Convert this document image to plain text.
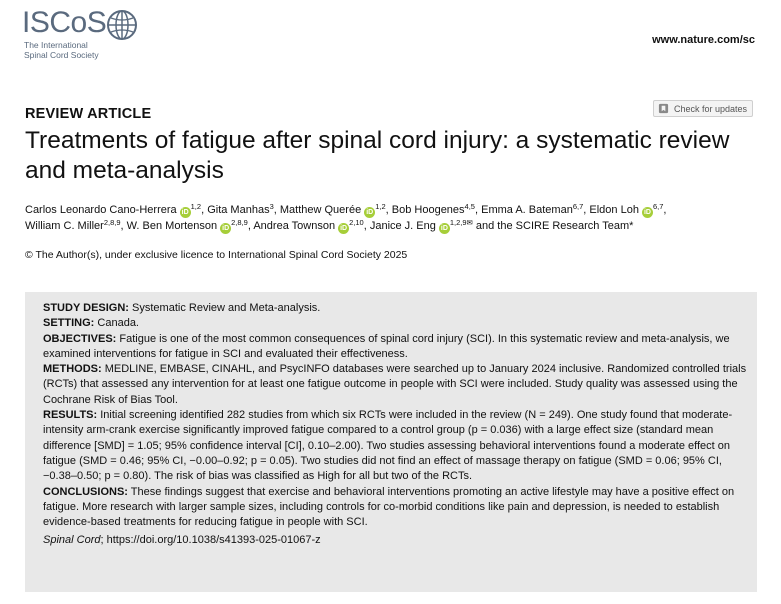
ISCoS
The International
Spinal Cord Society
www.nature.com/sc
REVIEW ARTICLE	Check for updates
Treatments of fatigue after spinal cord injury: a systematic review and meta-analysis
Carlos Leonardo Cano-Herrera iD$^{1,2}$, Gita Manhas$^3$, Matthew Querée iD$^{1,2}$, Bob Hoogenes$^{4,5}$, Emma A. Bateman$^{6,7}$, Eldon Loh iD$^{6,7}$,
William C. Miller$^{2,8,9}$, W. Ben Mortenson iD$^{2,8,9}$, Andrea Townson iD$^{2,10}$, Janice J. Eng $iD^{1,2,9✉}$ and the SCIRE Research Team*
© The Author(s), under exclusive licence to International Spinal Cord Society 2025

STUDY DESIGN: Systematic Review and Meta-analysis.

SETTING: Canada.

OBJECTIVES: Fatigue is one of the most common consequences of spinal cord injury (SCI). In this systematic review and meta-analysis, we examined interventions for fatigue in SCI and evaluated their effectiveness.

METHODS: MEDLINE, EMBASE, CINAHL, and PsycINFO databases were searched up to January 2024 inclusive. Randomized controlled trials (RCTs) that assessed any intervention for at least one fatigue outcome in people with SCI were included. Study quality was assessed using the Cochrane Risk of Bias Tool.

RESULTS: Initial screening identified 282 studies from which six RCTs were included in the review (N = 249). One study found that moderate-intensity arm-crank exercise significantly improved fatigue compared to a control group (p = 0.036) with a large effect size (standard mean difference [SMD] = 1.05; 95% confidence interval [CI], 0.10–2.00). Two studies assessing behavioral interventions found a moderate effect on fatigue (SMD = 0.46; 95% CI, −0.00–0.92; p = 0.05). Two studies did not find an effect of massage therapy on fatigue (SMD = 0.06; 95% CI, −0.38–0.50; p = 0.80). The risk of bias was classified as High for all but two of the RCTs.

CONCLUSIONS: These findings suggest that exercise and behavioral interventions promoting an active lifestyle may have a positive effect on fatigue. More research with larger sample sizes, including controls for co-morbid conditions like pain and depression, is needed to establish evidence-based treatments for reducing fatigue in people with SCI.

Spinal Cord; https://doi.org/10.1038/s41393-025-01067-z
